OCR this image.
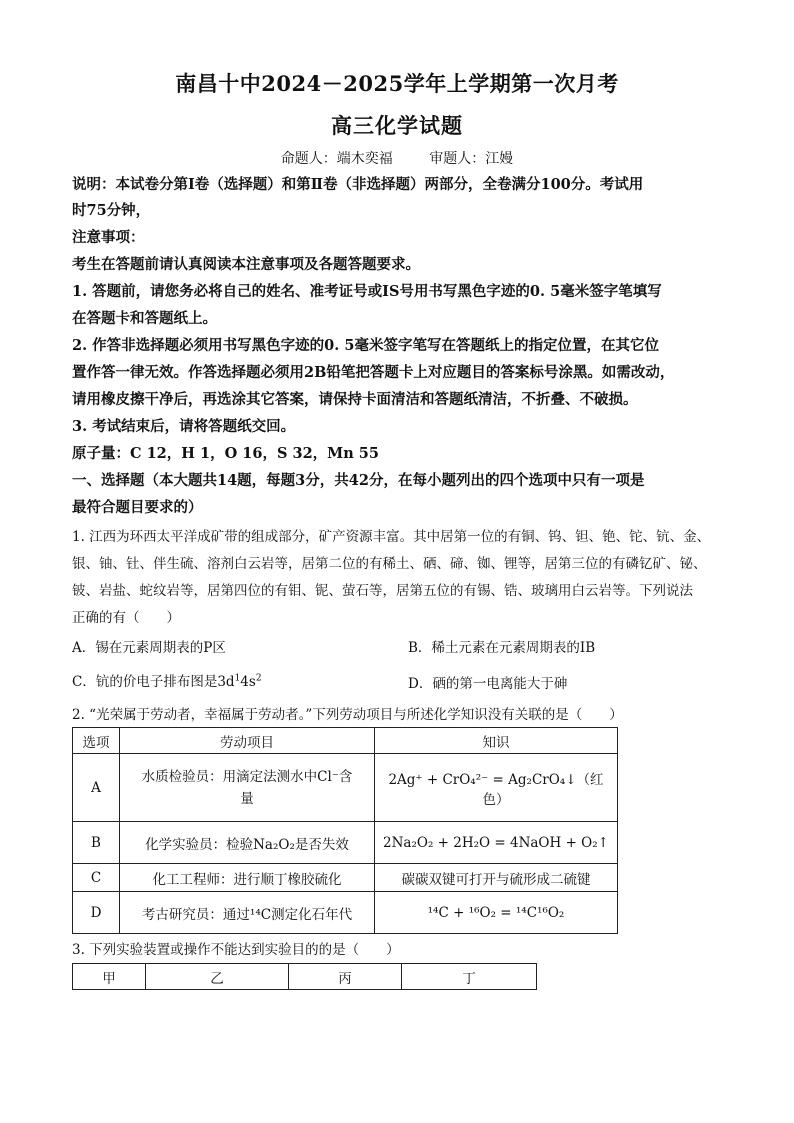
南昌十中2024－2025学年上学期第一次月考
高三化学试题
命题人：端木奕福	审题人：江嫚
说明：本试卷分第Ⅰ卷（选择题）和第Ⅱ卷（非选择题）两部分，全卷满分100分。考试用
时75分钟，
注意事项：
考生在答题前请认真阅读本注意事项及各题答题要求。
1. 答题前，请您务必将自己的姓名、准考证号或IS号用书写黑色字迹的0. 5毫米签字笔填写
在答题卡和答题纸上。
2. 作答非选择题必须用书写黑色字迹的0. 5毫米签字笔写在答题纸上的指定位置，在其它位
置作答一律无效。作答选择题必须用2B铅笔把答题卡上对应题目的答案标号涂黑。如需改动，
请用橡皮擦干净后，再选涂其它答案，请保持卡面清洁和答题纸清洁，不折叠、不破损。
3. 考试结束后，请将答题纸交回。
原子量：C 12，H 1，O 16，S 32，Mn 55
一、选择题（本大题共14题，每题3分，共42分，在每小题列出的四个选项中只有一项是
最符合题目要求的）
1. 江西为环西太平洋成矿带的组成部分，矿产资源丰富。其中居第一位的有铜、钨、钽、铯、铊、钪、金、
银、铀、钍、伴生硫、溶剂白云岩等，居第二位的有稀土、硒、碲、铷、锂等，居第三位的有磷钇矿、铋、
铍、岩盐、蛇纹岩等，居第四位的有钼、铌、萤石等，居第五位的有锡、锆、玻璃用白云岩等。下列说法
正确的有（　　）
A．锡在元素周期表的P区	B．稀土元素在元素周期表的ⅠB
C．钪的价电子排布图是$3d^14s^2$	D．硒的第一电离能大于砷
2. “光荣属于劳动者，幸福属于劳动者。”下列劳动项目与所述化学知识没有关联的是（　　）
选项	劳动项目	知识
A	水质检验员：用滴定法测水中Cl⁻含
量	2Ag⁺ + CrO₄²⁻ = Ag₂CrO₄↓（红色）
B	化学实验员：检验Na₂O₂是否失效	2Na₂O₂ + 2H₂O = 4NaOH + O₂↑
C	化工工程师：进行顺丁橡胶硫化	碳碳双键可打开与硫形成二硫键
D	考古研究员：通过¹⁴C测定化石年代	¹⁴C + ¹⁶O₂ = ¹⁴C¹⁶O₂
3. 下列实验装置或操作不能达到实验目的的是（　　）
甲	乙	丙	丁
